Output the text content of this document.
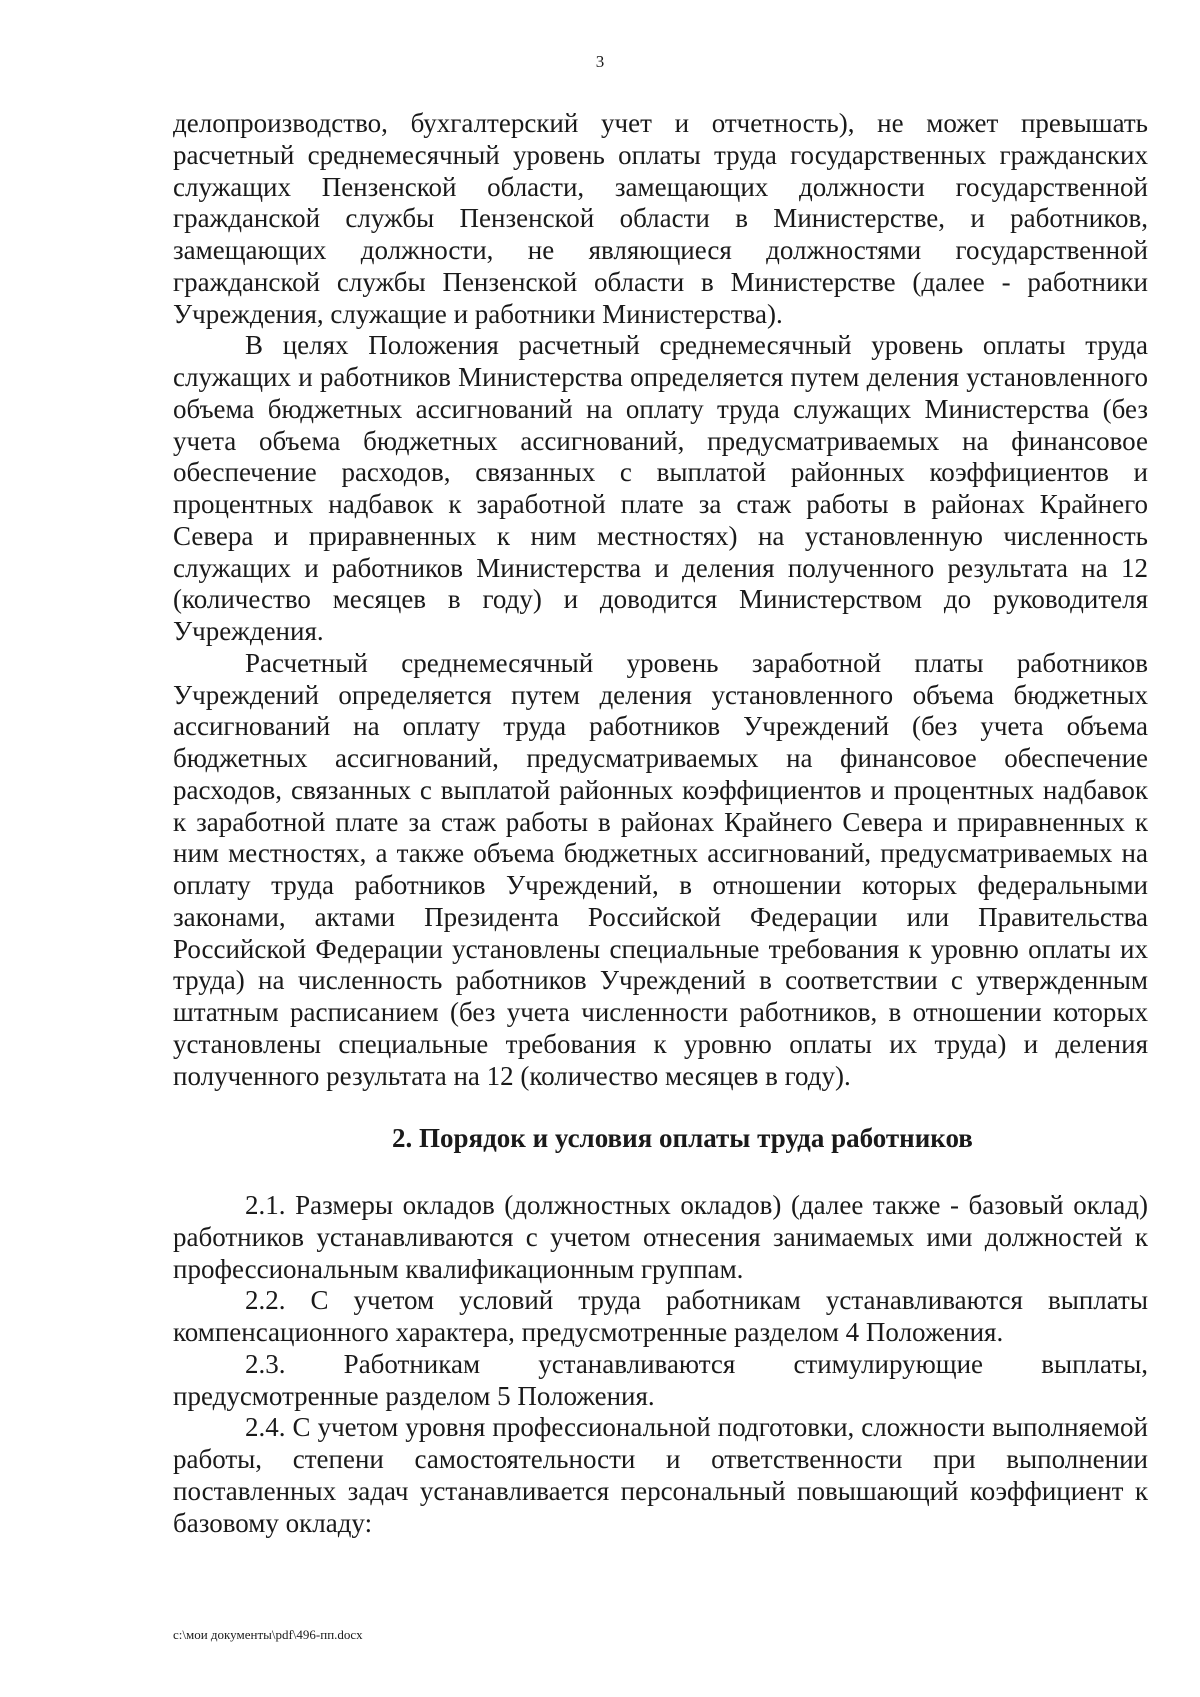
3

делопроизводство, бухгалтерский учет и отчетность), не может превышать расчетный среднемесячный уровень оплаты труда государственных гражданских служащих Пензенской области, замещающих должности государственной гражданской службы Пензенской области в Министерстве, и работников, замещающих должности, не являющиеся должностями государственной гражданской службы Пензенской области в Министерстве (далее - работники Учреждения, служащие и работники Министерства).

В целях Положения расчетный среднемесячный уровень оплаты труда служащих и работников Министерства определяется путем деления установленного объема бюджетных ассигнований на оплату труда служащих Министерства (без учета объема бюджетных ассигнований, предусматриваемых на финансовое обеспечение расходов, связанных с выплатой районных коэффициентов и процентных надбавок к заработной плате за стаж работы в районах Крайнего Севера и приравненных к ним местностях) на установленную численность служащих и работников Министерства и деления полученного результата на 12 (количество месяцев в году) и доводится Министерством до руководителя Учреждения.

Расчетный среднемесячный уровень заработной платы работников Учреждений определяется путем деления установленного объема бюджетных ассигнований на оплату труда работников Учреждений (без учета объема бюджетных ассигнований, предусматриваемых на финансовое обеспечение расходов, связанных с выплатой районных коэффициентов и процентных надбавок к заработной плате за стаж работы в районах Крайнего Севера и приравненных к ним местностях, а также объема бюджетных ассигнований, предусматриваемых на оплату труда работников Учреждений, в отношении которых федеральными законами, актами Президента Российской Федерации или Правительства Российской Федерации установлены специальные требования к уровню оплаты их труда) на численность работников Учреждений в соответствии с утвержденным штатным расписанием (без учета численности работников, в отношении которых установлены специальные требования к уровню оплаты их труда) и деления полученного результата на 12 (количество месяцев в году).

2. Порядок и условия оплаты труда работников

2.1. Размеры окладов (должностных окладов) (далее также - базовый оклад) работников устанавливаются с учетом отнесения занимаемых ими должностей к профессиональным квалификационным группам.

2.2. С учетом условий труда работникам устанавливаются выплаты компенсационного характера, предусмотренные разделом 4 Положения.

2.3. Работникам устанавливаются стимулирующие выплаты, предусмотренные разделом 5 Положения.

2.4. С учетом уровня профессиональной подготовки, сложности выполняемой работы, степени самостоятельности и ответственности при выполнении поставленных задач устанавливается персональный повышающий коэффициент к базовому окладу:

c:\мои документы\pdf\496-пп.docx
